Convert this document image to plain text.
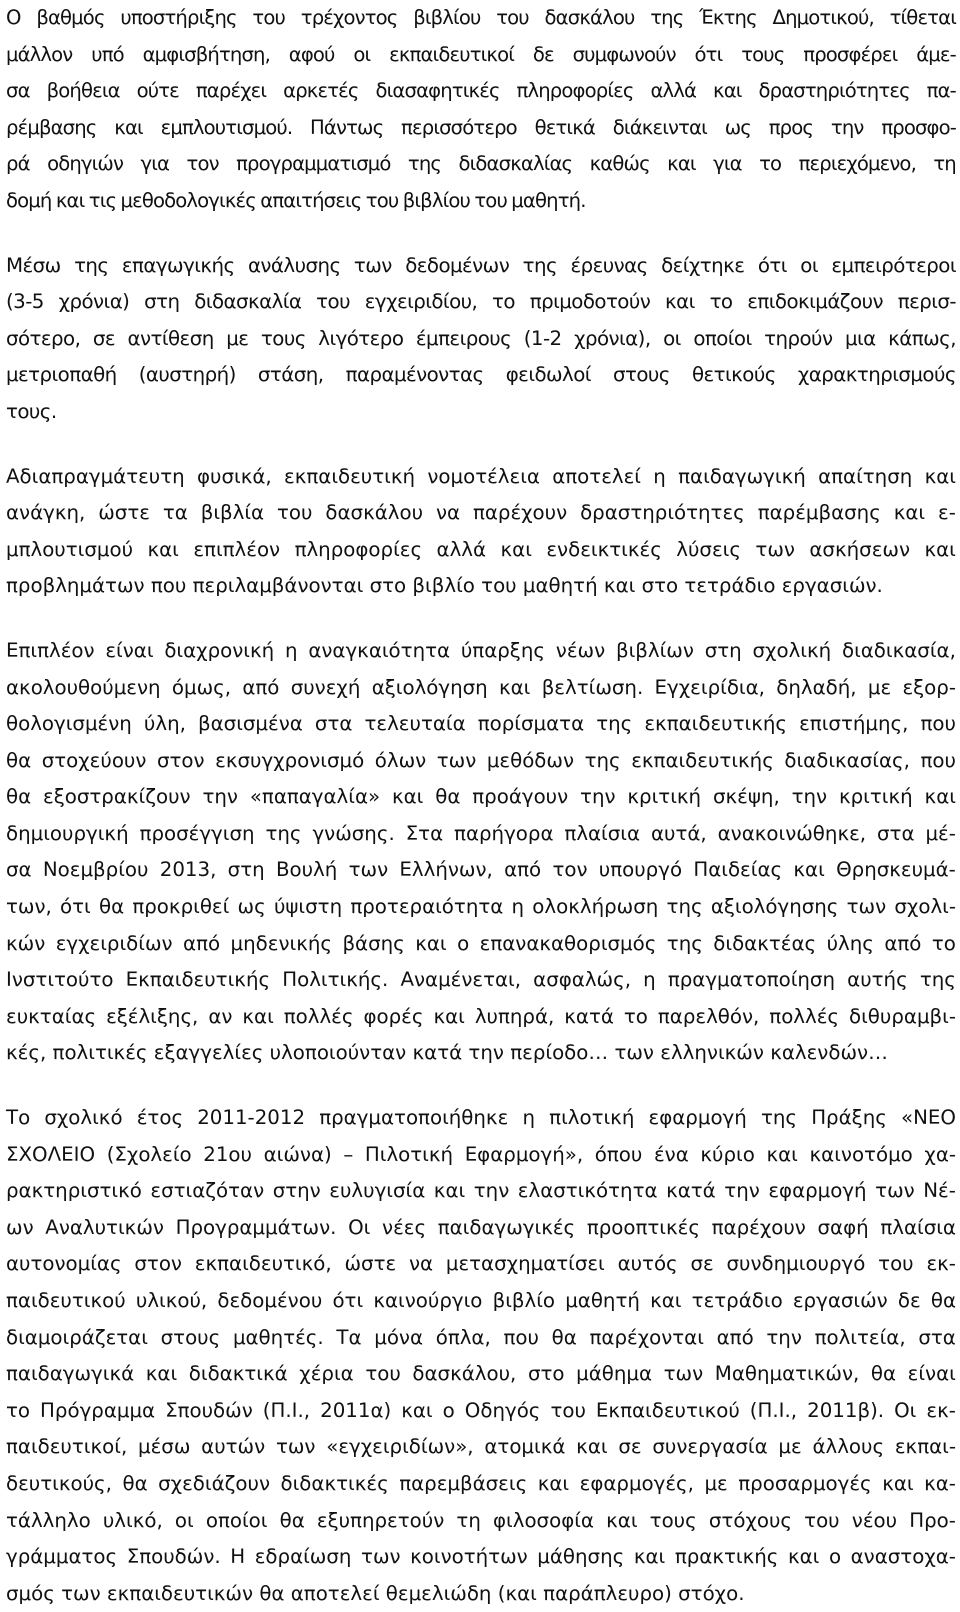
Ο βαθμός υποστήριξης του τρέχοντος βιβλίου του δασκάλου της Έκτης Δημοτικού, τίθεται
μάλλον υπό αμφισβήτηση, αφού οι εκπαιδευτικοί δε συμφωνούν ότι τους προσφέρει άμε-
σα βοήθεια ούτε παρέχει αρκετές διασαφητικές πληροφορίες αλλά και δραστηριότητες πα-
ρέμβασης και εμπλουτισμού. Πάντως περισσότερο θετικά διάκεινται ως προς την προσφο-
ρά οδηγιών για τον προγραμματισμό της διδασκαλίας καθώς και για το περιεχόμενο, τη
δομή και τις μεθοδολογικές απαιτήσεις του βιβλίου του μαθητή.
Μέσω της επαγωγικής ανάλυσης των δεδομένων της έρευνας δείχτηκε ότι οι εμπειρότεροι
(3-5 χρόνια) στη διδασκαλία του εγχειριδίου, το πριμοδοτούν και το επιδοκιμάζουν περισ-
σότερο, σε αντίθεση με τους λιγότερο έμπειρους (1-2 χρόνια), οι οποίοι τηρούν μια κάπως,
μετριοπαθή (αυστηρή) στάση, παραμένοντας φειδωλοί στους θετικούς χαρακτηρισμούς
τους.
Αδιαπραγμάτευτη φυσικά, εκπαιδευτική νομοτέλεια αποτελεί η παιδαγωγική απαίτηση και
ανάγκη, ώστε τα βιβλία του δασκάλου να παρέχουν δραστηριότητες παρέμβασης και ε-
μπλουτισμού και επιπλέον πληροφορίες αλλά και ενδεικτικές λύσεις των ασκήσεων και
προβλημάτων που περιλαμβάνονται στο βιβλίο του μαθητή και στο τετράδιο εργασιών.
Επιπλέον είναι διαχρονική η αναγκαιότητα ύπαρξης νέων βιβλίων στη σχολική διαδικασία,
ακολουθούμενη όμως, από συνεχή αξιολόγηση και βελτίωση. Εγχειρίδια, δηλαδή, με εξορ-
θολογισμένη ύλη, βασισμένα στα τελευταία πορίσματα της εκπαιδευτικής επιστήμης, που
θα στοχεύουν στον εκσυγχρονισμό όλων των μεθόδων της εκπαιδευτικής διαδικασίας, που
θα εξοστρακίζουν την «παπαγαλία» και θα προάγουν την κριτική σκέψη, την κριτική και
δημιουργική προσέγγιση της γνώσης. Στα παρήγορα πλαίσια αυτά, ανακοινώθηκε, στα μέ-
σα Νοεμβρίου 2013, στη Βουλή των Ελλήνων, από τον υπουργό Παιδείας και Θρησκευμά-
των, ότι θα προκριθεί ως ύψιστη προτεραιότητα η ολοκλήρωση της αξιολόγησης των σχολι-
κών εγχειριδίων από μηδενικής βάσης και ο επανακαθορισμός της διδακτέας ύλης από το
Ινστιτούτο Εκπαιδευτικής Πολιτικής. Αναμένεται, ασφαλώς, η πραγματοποίηση αυτής της
ευκταίας εξέλιξης, αν και πολλές φορές και λυπηρά, κατά το παρελθόν, πολλές διθυραμβι-
κές, πολιτικές εξαγγελίες υλοποιούνταν κατά την περίοδο… των ελληνικών καλενδών…
Το σχολικό έτος 2011-2012 πραγματοποιήθηκε η πιλοτική εφαρμογή της Πράξης «ΝΕΟ
ΣΧΟΛΕΙΟ (Σχολείο 21ου αιώνα) – Πιλοτική Εφαρμογή», όπου ένα κύριο και καινοτόμο χα-
ρακτηριστικό εστιαζόταν στην ευλυγισία και την ελαστικότητα κατά την εφαρμογή των Νέ-
ων Αναλυτικών Προγραμμάτων. Οι νέες παιδαγωγικές προοπτικές παρέχουν σαφή πλαίσια
αυτονομίας στον εκπαιδευτικό, ώστε να μετασχηματίσει αυτός σε συνδημιουργό του εκ-
παιδευτικού υλικού, δεδομένου ότι καινούργιο βιβλίο μαθητή και τετράδιο εργασιών δε θα
διαμοιράζεται στους μαθητές. Τα μόνα όπλα, που θα παρέχονται από την πολιτεία, στα
παιδαγωγικά και διδακτικά χέρια του δασκάλου, στο μάθημα των Μαθηματικών, θα είναι
το Πρόγραμμα Σπουδών (Π.Ι., 2011α) και ο Οδηγός του Εκπαιδευτικού (Π.Ι., 2011β). Οι εκ-
παιδευτικοί, μέσω αυτών των «εγχειριδίων», ατομικά και σε συνεργασία με άλλους εκπαι-
δευτικούς, θα σχεδιάζουν διδακτικές παρεμβάσεις και εφαρμογές, με προσαρμογές και κα-
τάλληλο υλικό, οι οποίοι θα εξυπηρετούν τη φιλοσοφία και τους στόχους του νέου Προ-
γράμματος Σπουδών. Η εδραίωση των κοινοτήτων μάθησης και πρακτικής και ο αναστοχα-
σμός των εκπαιδευτικών θα αποτελεί θεμελιώδη (και παράπλευρο) στόχο.
